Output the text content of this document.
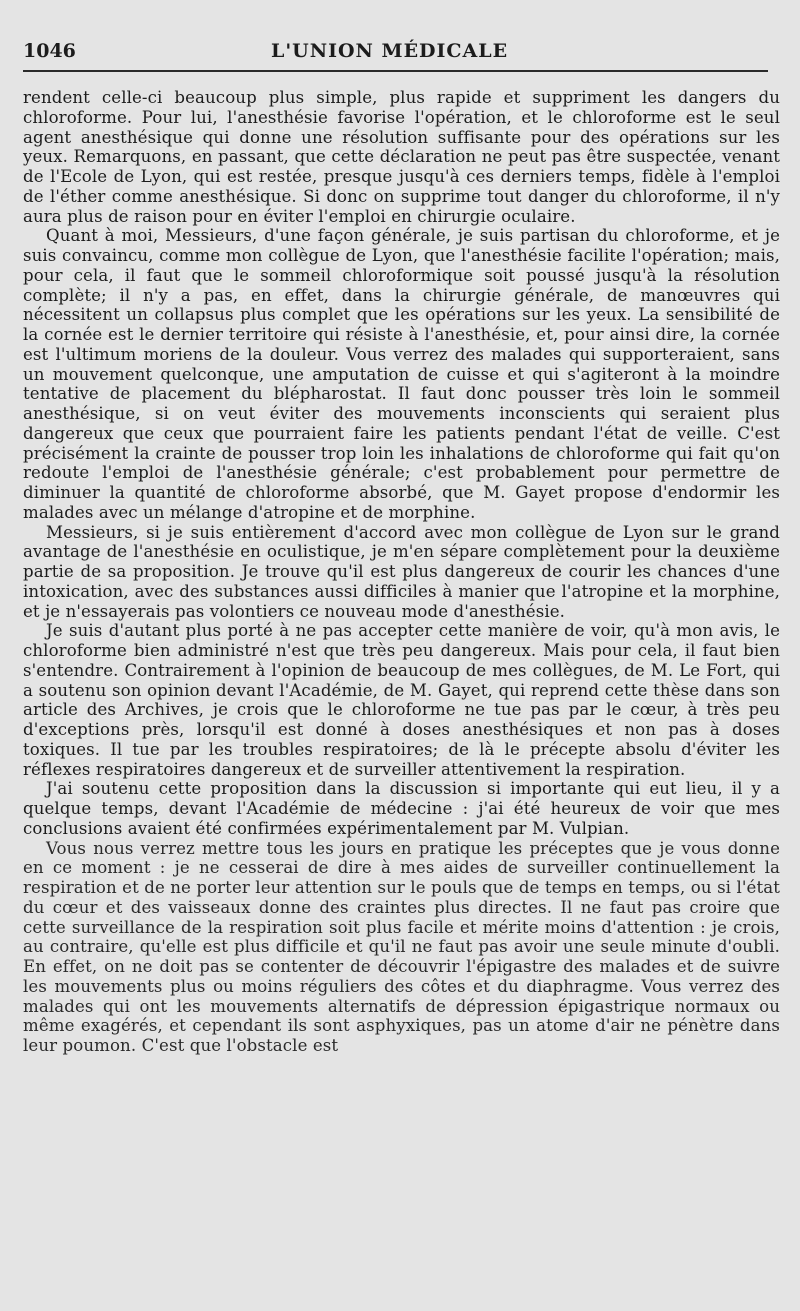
1046	L'UNION MÉDICALE

rendent celle-ci beaucoup plus simple, plus rapide et suppriment les dangers du chloroforme. Pour lui, l'anesthésie favorise l'opération, et le chloroforme est le seul agent anesthésique qui donne une résolution suffisante pour des opérations sur les yeux. Remarquons, en passant, que cette déclaration ne peut pas être suspectée, venant de l'Ecole de Lyon, qui est restée, presque jusqu'à ces derniers temps, fidèle à l'emploi de l'éther comme anesthésique. Si donc on supprime tout danger du chloroforme, il n'y aura plus de raison pour en éviter l'emploi en chirurgie oculaire.

Quant à moi, Messieurs, d'une façon générale, je suis partisan du chloroforme, et je suis convaincu, comme mon collègue de Lyon, que l'anesthésie facilite l'opération; mais, pour cela, il faut que le sommeil chloroformique soit poussé jusqu'à la résolution complète; il n'y a pas, en effet, dans la chirurgie générale, de manœuvres qui nécessitent un collapsus plus complet que les opérations sur les yeux. La sensibilité de la cornée est le dernier territoire qui résiste à l'anesthésie, et, pour ainsi dire, la cornée est l'ultimum moriens de la douleur. Vous verrez des malades qui supporteraient, sans un mouvement quelconque, une amputation de cuisse et qui s'agiteront à la moindre tentative de placement du blépharostat. Il faut donc pousser très loin le sommeil anesthésique, si on veut éviter des mouvements inconscients qui seraient plus dangereux que ceux que pourraient faire les patients pendant l'état de veille. C'est précisément la crainte de pousser trop loin les inhalations de chloroforme qui fait qu'on redoute l'emploi de l'anesthésie générale; c'est probablement pour permettre de diminuer la quantité de chloroforme absorbé, que M. Gayet propose d'endormir les malades avec un mélange d'atropine et de morphine.

Messieurs, si je suis entièrement d'accord avec mon collègue de Lyon sur le grand avantage de l'anesthésie en oculistique, je m'en sépare complètement pour la deuxième partie de sa proposition. Je trouve qu'il est plus dangereux de courir les chances d'une intoxication, avec des substances aussi difficiles à manier que l'atropine et la morphine, et je n'essayerais pas volontiers ce nouveau mode d'anesthésie.

Je suis d'autant plus porté à ne pas accepter cette manière de voir, qu'à mon avis, le chloroforme bien administré n'est que très peu dangereux. Mais pour cela, il faut bien s'entendre. Contrairement à l'opinion de beaucoup de mes collègues, de M. Le Fort, qui a soutenu son opinion devant l'Académie, de M. Gayet, qui reprend cette thèse dans son article des Archives, je crois que le chloroforme ne tue pas par le cœur, à très peu d'exceptions près, lorsqu'il est donné à doses anesthésiques et non pas à doses toxiques. Il tue par les troubles respiratoires; de là le précepte absolu d'éviter les réflexes respiratoires dangereux et de surveiller attentivement la respiration.

J'ai soutenu cette proposition dans la discussion si importante qui eut lieu, il y a quelque temps, devant l'Académie de médecine : j'ai été heureux de voir que mes conclusions avaient été confirmées expérimentalement par M. Vulpian.

Vous nous verrez mettre tous les jours en pratique les préceptes que je vous donne en ce moment : je ne cesserai de dire à mes aides de surveiller continuellement la respiration et de ne porter leur attention sur le pouls que de temps en temps, ou si l'état du cœur et des vaisseaux donne des craintes plus directes. Il ne faut pas croire que cette surveillance de la respiration soit plus facile et mérite moins d'attention : je crois, au contraire, qu'elle est plus difficile et qu'il ne faut pas avoir une seule minute d'oubli. En effet, on ne doit pas se contenter de découvrir l'épigastre des malades et de suivre les mouvements plus ou moins réguliers des côtes et du diaphragme. Vous verrez des malades qui ont les mouvements alternatifs de dépression épigastrique normaux ou même exagérés, et cependant ils sont asphyxiques, pas un atome d'air ne pénètre dans leur poumon. C'est que l'obstacle est
